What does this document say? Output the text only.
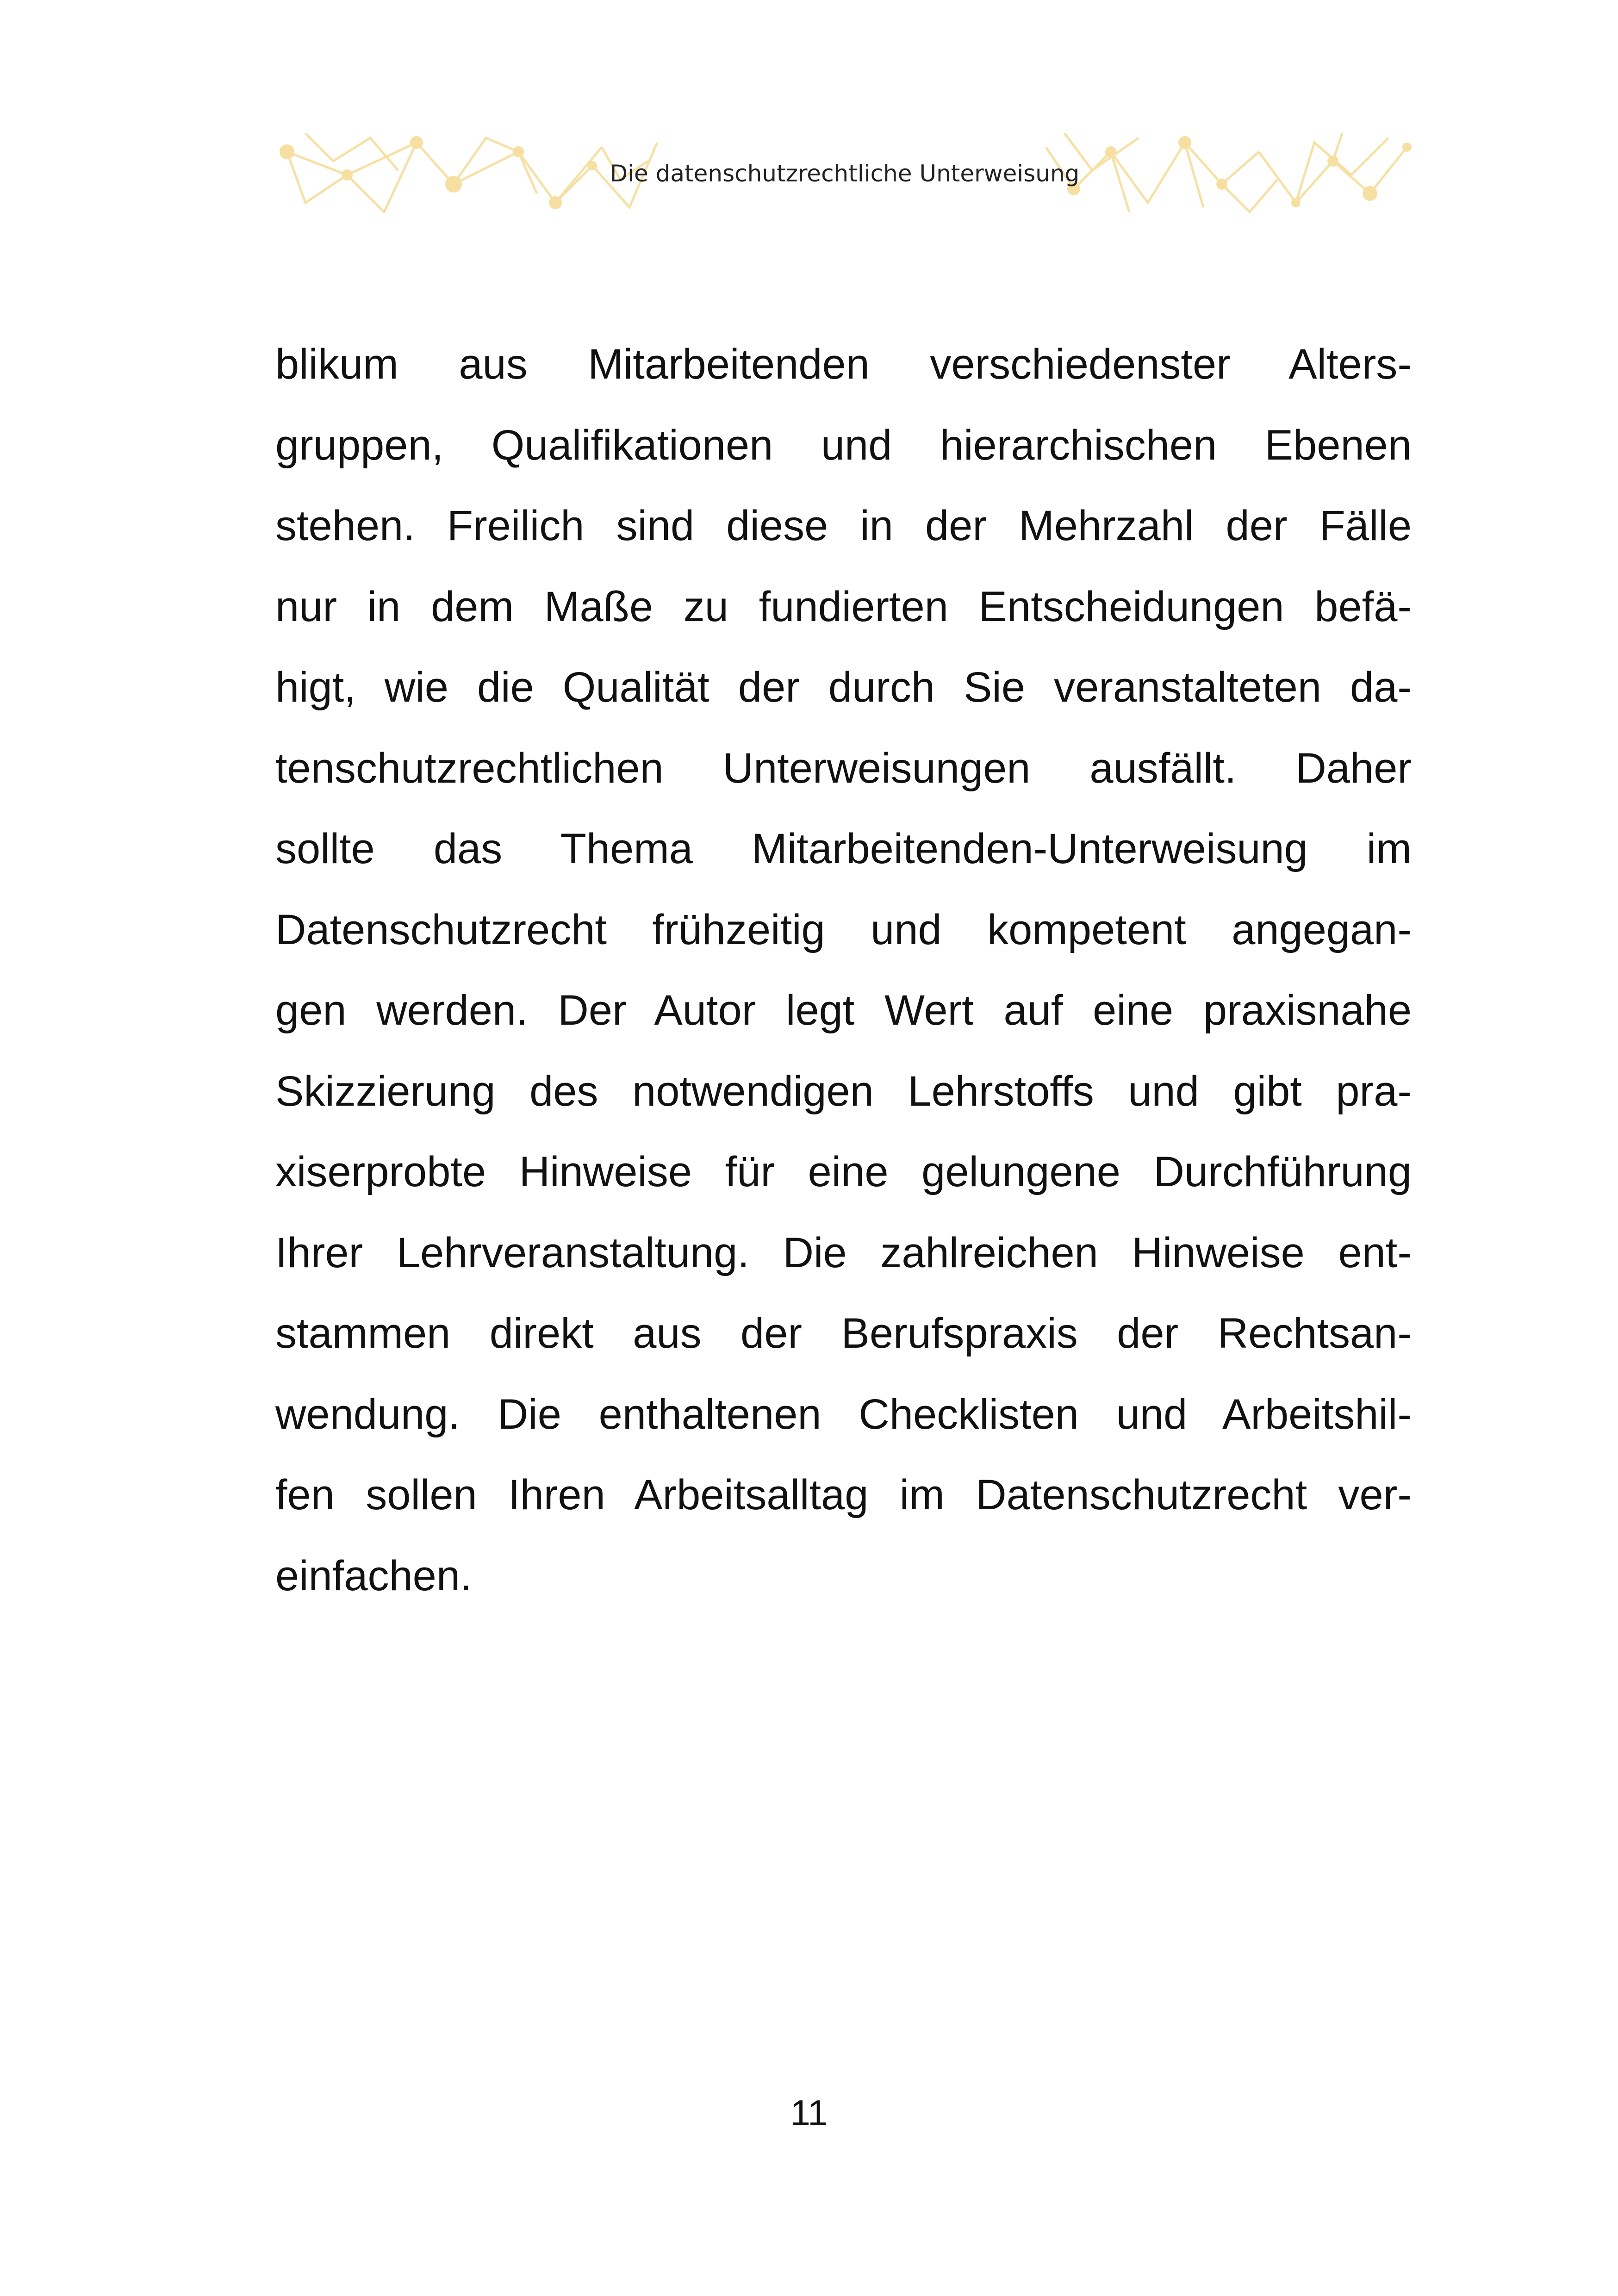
Die datenschutzrechtliche Unterweisung
blikum aus Mitarbeitenden verschiedenster Alters-
gruppen, Qualifikationen und hierarchischen Ebenen
stehen. Freilich sind diese in der Mehrzahl der Fälle
nur in dem Maße zu fundierten Entscheidungen befä-
higt, wie die Qualität der durch Sie veranstalteten da-
tenschutzrechtlichen Unterweisungen ausfällt. Daher
sollte das Thema Mitarbeitenden-Unterweisung im
Datenschutzrecht frühzeitig und kompetent angegan-
gen werden. Der Autor legt Wert auf eine praxisnahe
Skizzierung des notwendigen Lehrstoffs und gibt pra-
xiserprobte Hinweise für eine gelungene Durchführung
Ihrer Lehrveranstaltung. Die zahlreichen Hinweise ent-
stammen direkt aus der Berufspraxis der Rechtsan-
wendung. Die enthaltenen Checklisten und Arbeitshil-
fen sollen Ihren Arbeitsalltag im Datenschutzrecht ver-
einfachen.
11
